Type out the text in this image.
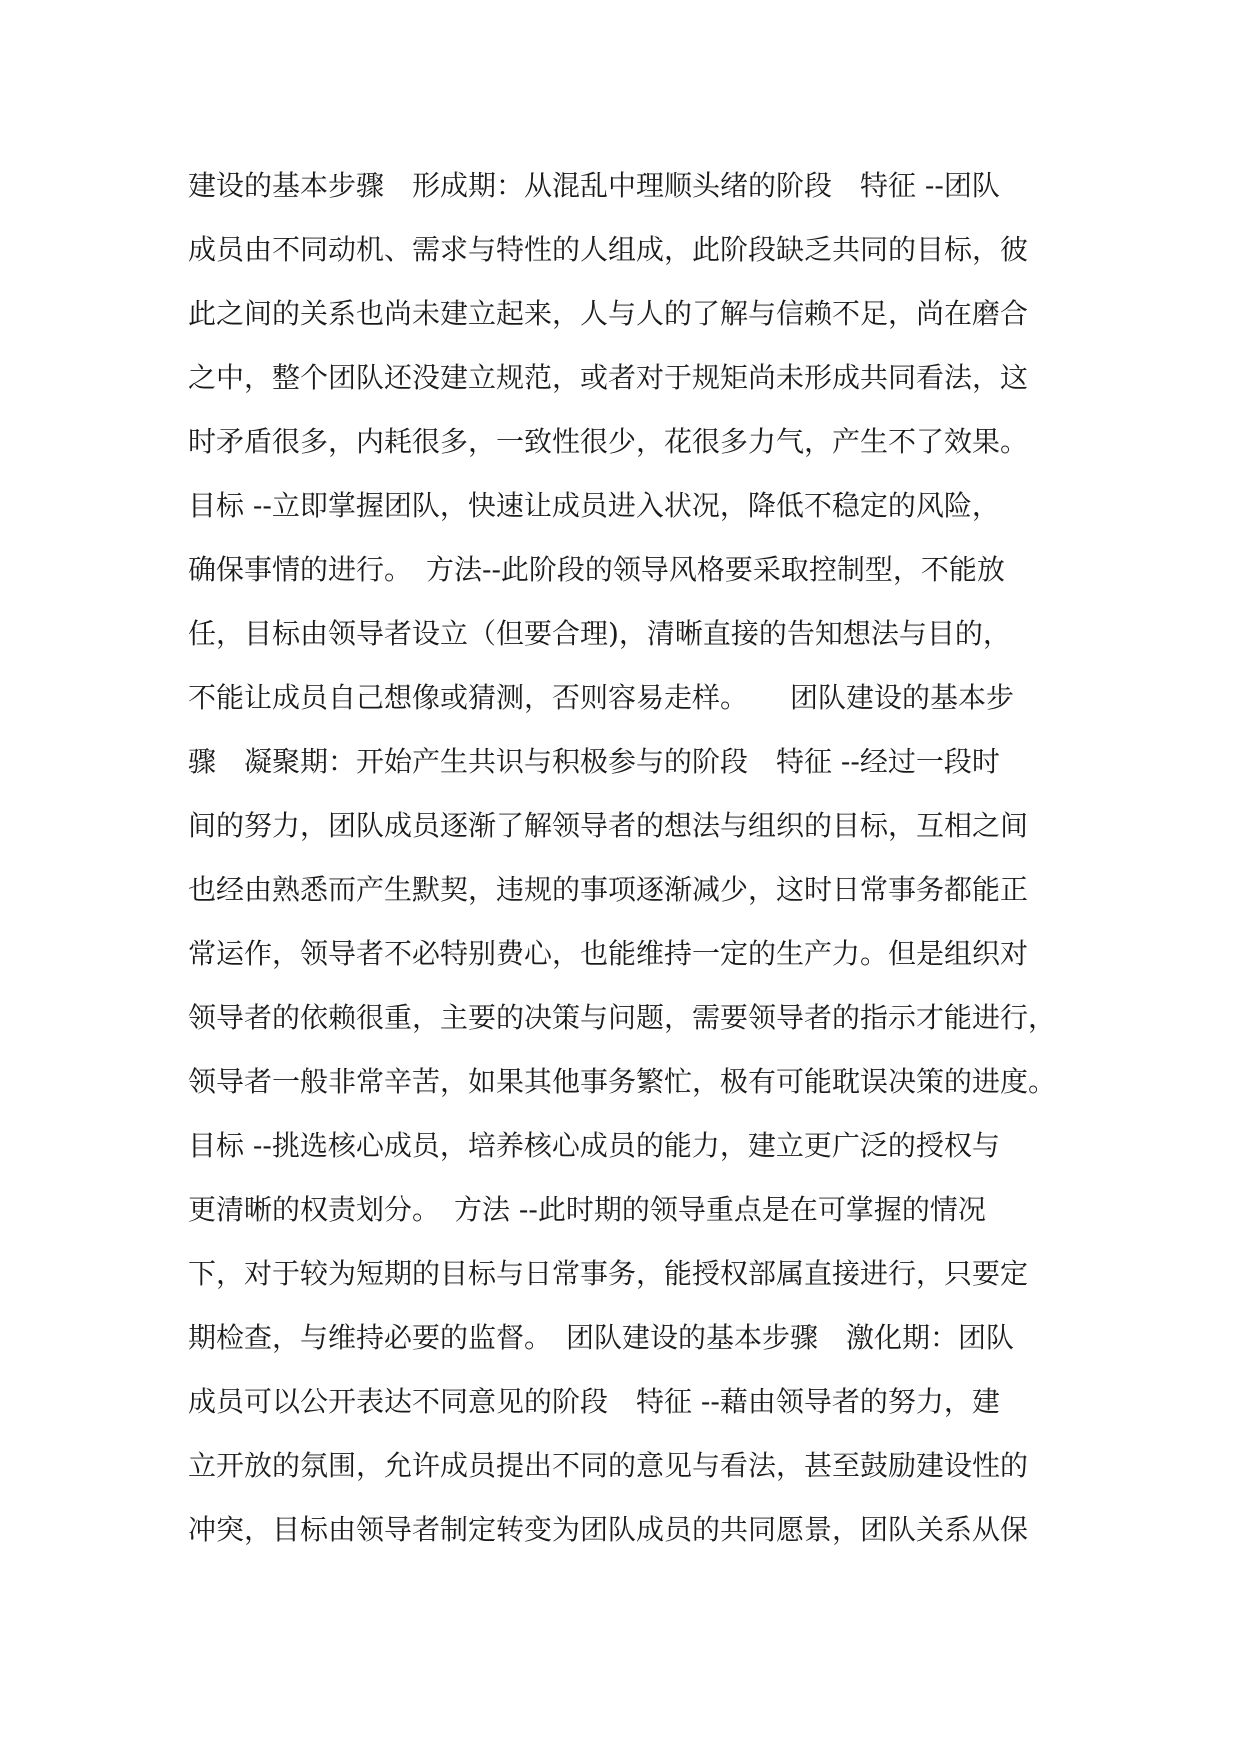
建设的基本步骤　形成期：从混乱中理顺头绪的阶段　特征 --团队
成员由不同动机、需求与特性的人组成，此阶段缺乏共同的目标，彼
此之间的关系也尚未建立起来，人与人的了解与信赖不足，尚在磨合
之中，整个团队还没建立规范，或者对于规矩尚未形成共同看法，这
时矛盾很多，内耗很多，一致性很少，花很多力气，产生不了效果。
目标 --立即掌握团队，快速让成员进入状况，降低不稳定的风险，
确保事情的进行。　方法--此阶段的领导风格要采取控制型，不能放
任，目标由领导者设立（但要合理)，清晰直接的告知想法与目的，
不能让成员自己想像或猜测，否则容易走样。　　团队建设的基本步
骤　凝聚期：开始产生共识与积极参与的阶段　特征 --经过一段时
间的努力，团队成员逐渐了解领导者的想法与组织的目标，互相之间
也经由熟悉而产生默契，违规的事项逐渐减少，这时日常事务都能正
常运作，领导者不必特别费心，也能维持一定的生产力。但是组织对
领导者的依赖很重，主要的决策与问题，需要领导者的指示才能进行，
领导者一般非常辛苦，如果其他事务繁忙，极有可能耽误决策的进度。
目标 --挑选核心成员，培养核心成员的能力，建立更广泛的授权与
更清晰的权责划分。　方法 --此时期的领导重点是在可掌握的情况
下，对于较为短期的目标与日常事务，能授权部属直接进行，只要定
期检查，与维持必要的监督。　团队建设的基本步骤　激化期：团队
成员可以公开表达不同意见的阶段　特征 --藉由领导者的努力，建
立开放的氛围，允许成员提出不同的意见与看法，甚至鼓励建设性的
冲突，目标由领导者制定转变为团队成员的共同愿景，团队关系从保
